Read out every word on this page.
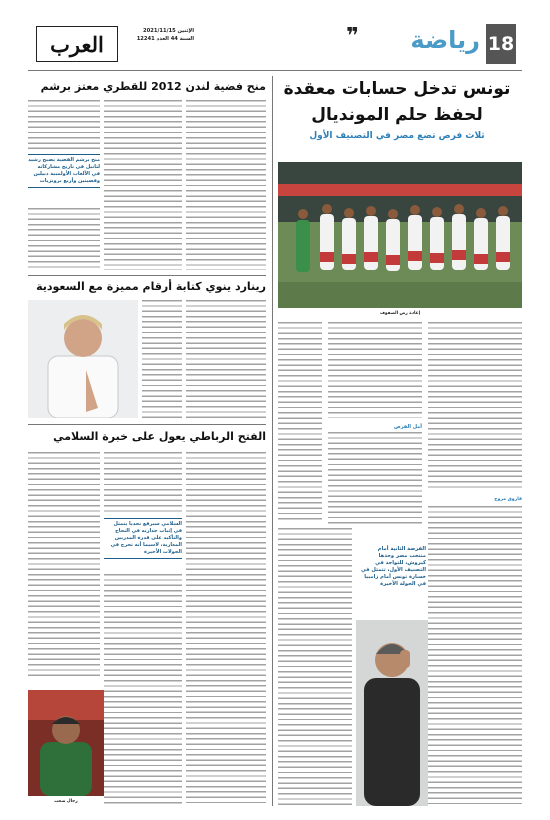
العرب
الإثنين 2021/11/15
السنة 44 العدد 12241	18
رياضة
❞
تونس تدخل حسابات معقدة
لحفظ حلم المونديال
ثلاث فرص تضع مصر في التصنيف الأول
إعادة رص الصفوف
أمل الفرص
فاروق مروج
الفرصة الثانية أمام منتخب مصر وحدها كيروش، للتواجد في التصنيف الأول، تتمثل في خسارة تونس أمام زامبيا في الجولة الأخيرة
منح فضية لندن 2012 للقطري معتز برشم
منح برشم الفضية يصبح رشيد لتانيل في تاريخ مشاركاته في الألعاب الأولمبية دبيلين وفضيتين وأربع برونزيات
رينارد ينوي كتابة أرقام مميزة مع السعودية
الفتح الرباطي يعول على خبرة السلامي
السلامي سيرفع تحديا يتمثل في إثبات جدارته في النجاح والتأكيد على قدرة المدربين المغاربة، لاسيما أنه تحرج في الجولات الأخيرة
رجال صعب
